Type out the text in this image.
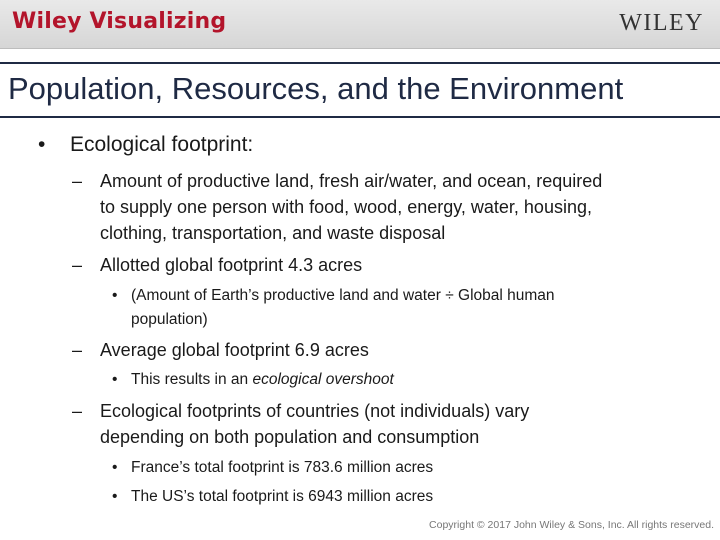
Wiley Visualizing	WILEY
Population, Resources, and the Environment
• Ecological footprint:
– Amount of productive land, fresh air/water, and ocean, required
to supply one person with food, wood, energy, water, housing,
clothing, transportation, and waste disposal
– Allotted global footprint 4.3 acres
• (Amount of Earth’s productive land and water ÷ Global human
population)
– Average global footprint 6.9 acres
• This results in an ecological overshoot
– Ecological footprints of countries (not individuals) vary
depending on both population and consumption
• France’s total footprint is 783.6 million acres
• The US’s total footprint is 6943 million acres
Copyright © 2017 John Wiley & Sons, Inc. All rights reserved.
